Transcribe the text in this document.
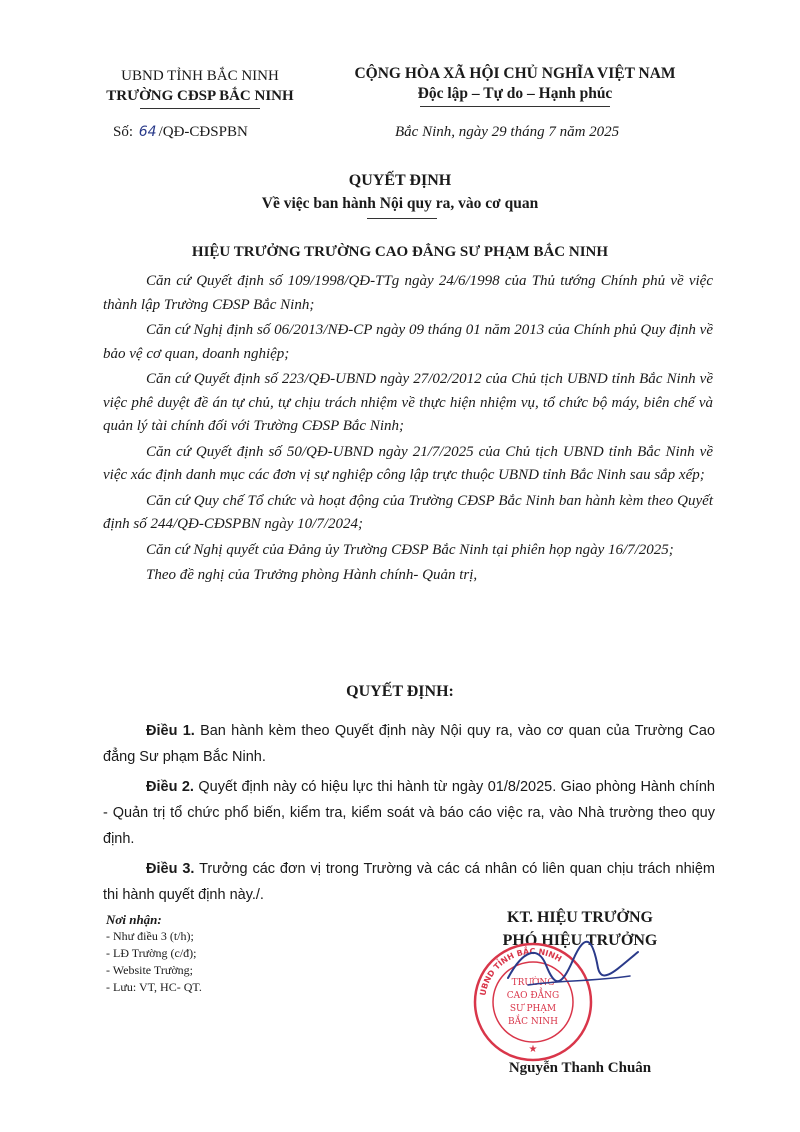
UBND TỈNH BẮC NINH
TRƯỜNG CĐSP BẮC NINH
CỘNG HÒA XÃ HỘI CHỦ NGHĨA VIỆT NAM
Độc lập – Tự do – Hạnh phúc
Số: 64 /QĐ-CĐSPBN	Bắc Ninh, ngày 29 tháng 7 năm 2025
QUYẾT ĐỊNH
Về việc ban hành Nội quy ra, vào cơ quan
HIỆU TRƯỞNG TRƯỜNG CAO ĐẲNG SƯ PHẠM BẮC NINH

Căn cứ Quyết định số 109/1998/QĐ-TTg ngày 24/6/1998 của Thủ tướng Chính phủ về việc thành lập Trường CĐSP Bắc Ninh;

Căn cứ Nghị định số 06/2013/NĐ-CP ngày 09 tháng 01 năm 2013 của Chính phủ Quy định về bảo vệ cơ quan, doanh nghiệp;

Căn cứ Quyết định số 223/QĐ-UBND ngày 27/02/2012 của Chủ tịch UBND tỉnh Bắc Ninh về việc phê duyệt đề án tự chủ, tự chịu trách nhiệm về thực hiện nhiệm vụ, tổ chức bộ máy, biên chế và quản lý tài chính đối với Trường CĐSP Bắc Ninh;

Căn cứ Quyết định số 50/QĐ-UBND ngày 21/7/2025 của Chủ tịch UBND tỉnh Bắc Ninh về việc xác định danh mục các đơn vị sự nghiệp công lập trực thuộc UBND tỉnh Bắc Ninh sau sắp xếp;

Căn cứ Quy chế Tổ chức và hoạt động của Trường CĐSP Bắc Ninh ban hành kèm theo Quyết định số 244/QĐ-CĐSPBN ngày 10/7/2024;

Căn cứ Nghị quyết của Đảng ủy Trường CĐSP Bắc Ninh tại phiên họp ngày 16/7/2025;

Theo đề nghị của Trưởng phòng Hành chính- Quản trị,

QUYẾT ĐỊNH:

Điều 1. Ban hành kèm theo Quyết định này Nội quy ra, vào cơ quan của Trường Cao đẳng Sư phạm Bắc Ninh.

Điều 2. Quyết định này có hiệu lực thi hành từ ngày 01/8/2025. Giao phòng Hành chính - Quản trị tổ chức phổ biến, kiểm tra, kiểm soát và báo cáo việc ra, vào Nhà trường theo quy định.

Điều 3. Trưởng các đơn vị trong Trường và các cá nhân có liên quan chịu trách nhiệm thi hành quyết định này./.

Nơi nhận:
- Như điều 3 (t/h);
- LĐ Trường (c/đ);
- Website Trường;
- Lưu: VT, HC- QT.
KT. HIỆU TRƯỞNG
PHÓ HIỆU TRƯỞNG
UBND TỈNH BẮC NINH
TRƯỜNG
CAO ĐẲNG
SƯ PHẠM
BẮC NINH
★
Nguyễn Thanh Chuân
